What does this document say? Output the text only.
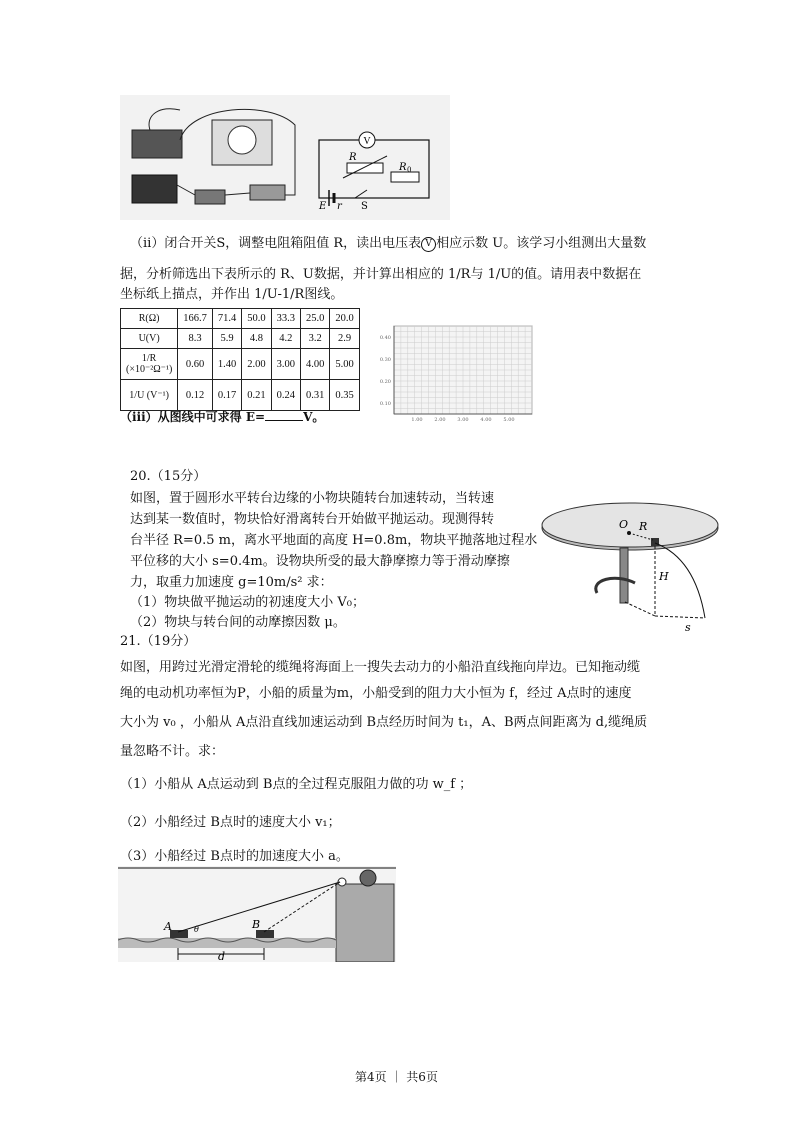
V
R
R 0
E r S
（ⅱ）闭合开关S，调整电阻箱阻值 R，读出电压表 V 相应示数 U。该学习小组测出大量数
据，分析筛选出下表所示的 R、U数据，并计算出相应的 1/R与 1/U的值。请用表中数据在
坐标纸上描点，并作出 1/U-1/R图线。
R(Ω)	166.7	71.4	50.0	33.3	25.0	20.0
U(V)	8.3	5.9	4.8	4.2	3.2	2.9
1/R (×10⁻²Ω⁻¹)	0.60	1.40	2.00	3.00	4.00	5.00
1/U (V⁻¹)	0.12	0.17	0.21	0.24	0.31	0.35
（ⅲ）从图线中可求得 E=	V。
0.40
0.30
0.20
0.10
1.00 2.00 3.00 4.00 5.00
20.（15分）
如图，置于圆形水平转台边缘的小物块随转台加速转动，当转速
达到某一数值时，物块恰好滑离转台开始做平抛运动。现测得转
台半径 R=0.5 m，离水平地面的高度 H=0.8m，物块平抛落地过程水
平位移的大小 s=0.4m。设物块所受的最大静摩擦力等于滑动摩擦
力，取重力加速度 g=10m/s² 求：
（1）物块做平抛运动的初速度大小 V₀；
（2）物块与转台间的动摩擦因数 μ。
O R
H
s
21.（19分）
如图，用跨过光滑定滑轮的缆绳将海面上一搜失去动力的小船沿直线拖向岸边。已知拖动缆
绳的电动机功率恒为P，小船的质量为m，小船受到的阻力大小恒为 f，经过 A点时的速度
大小为 v₀ ，小船从 A点沿直线加速运动到 B点经历时间为 t₁，A、B两点间距离为 d,缆绳质
量忽略不计。求：
（1）小船从 A点运动到 B点的全过程克服阻力做的功 w_f ；
（2）小船经过 B点时的速度大小 v₁；
（3）小船经过 B点时的加速度大小 a。
A	B
θ
d
第4页 ｜ 共6页
